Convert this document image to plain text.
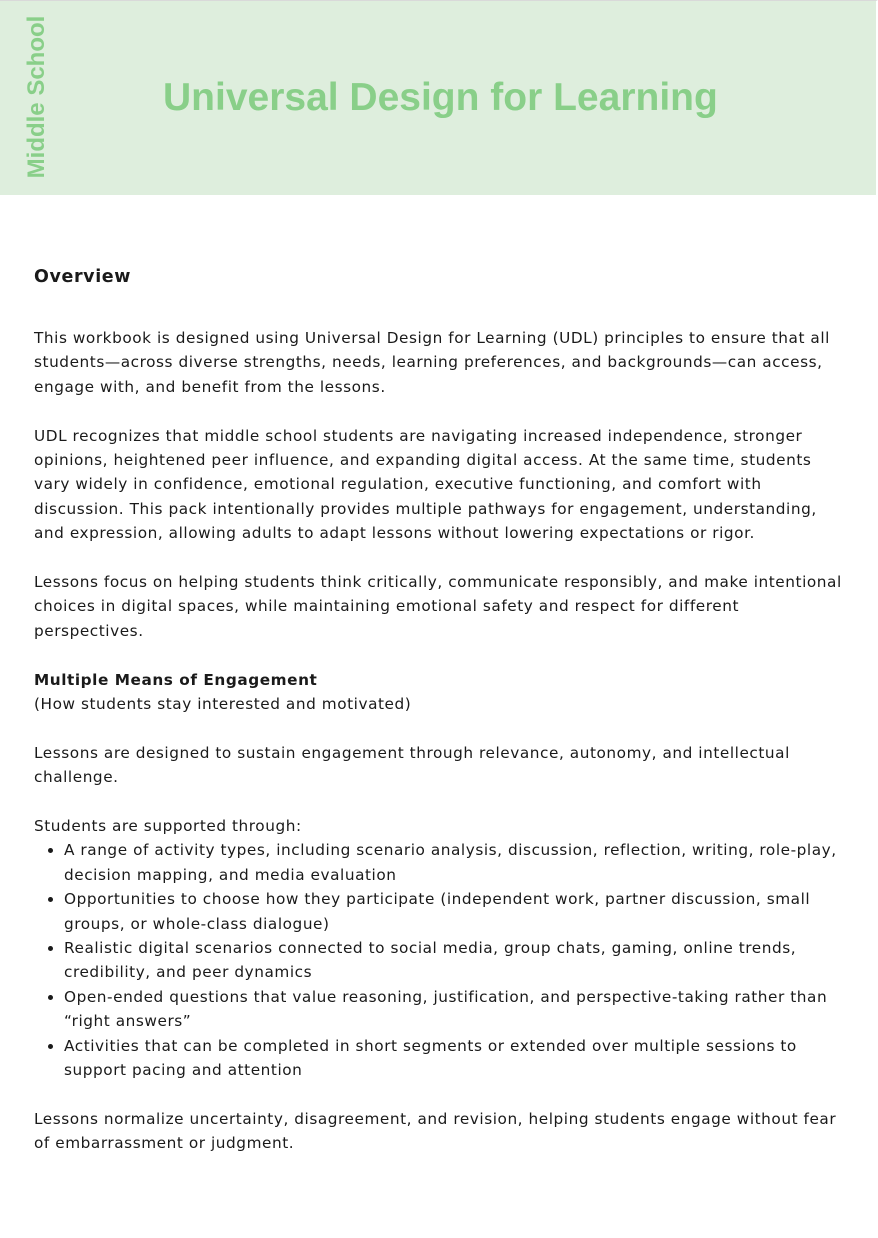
Middle School	Universal Design for Learning
Overview

This workbook is designed using Universal Design for Learning (UDL) principles to ensure that all students—across diverse strengths, needs, learning preferences, and backgrounds—can access, engage with, and benefit from the lessons.

UDL recognizes that middle school students are navigating increased independence, stronger opinions, heightened peer influence, and expanding digital access. At the same time, students vary widely in confidence, emotional regulation, executive functioning, and comfort with discussion. This pack intentionally provides multiple pathways for engagement, understanding, and expression, allowing adults to adapt lessons without lowering expectations or rigor.

Lessons focus on helping students think critically, communicate responsibly, and make intentional choices in digital spaces, while maintaining emotional safety and respect for different perspectives.

Multiple Means of Engagement
(How students stay interested and motivated)

Lessons are designed to sustain engagement through relevance, autonomy, and intellectual challenge.

Students are supported through:
• A range of activity types, including scenario analysis, discussion, reflection, writing, role-play, decision mapping, and media evaluation
• Opportunities to choose how they participate (independent work, partner discussion, small groups, or whole-class dialogue)
• Realistic digital scenarios connected to social media, group chats, gaming, online trends, credibility, and peer dynamics
• Open-ended questions that value reasoning, justification, and perspective-taking rather than “right answers”
• Activities that can be completed in short segments or extended over multiple sessions to support pacing and attention

Lessons normalize uncertainty, disagreement, and revision, helping students engage without fear of embarrassment or judgment.
